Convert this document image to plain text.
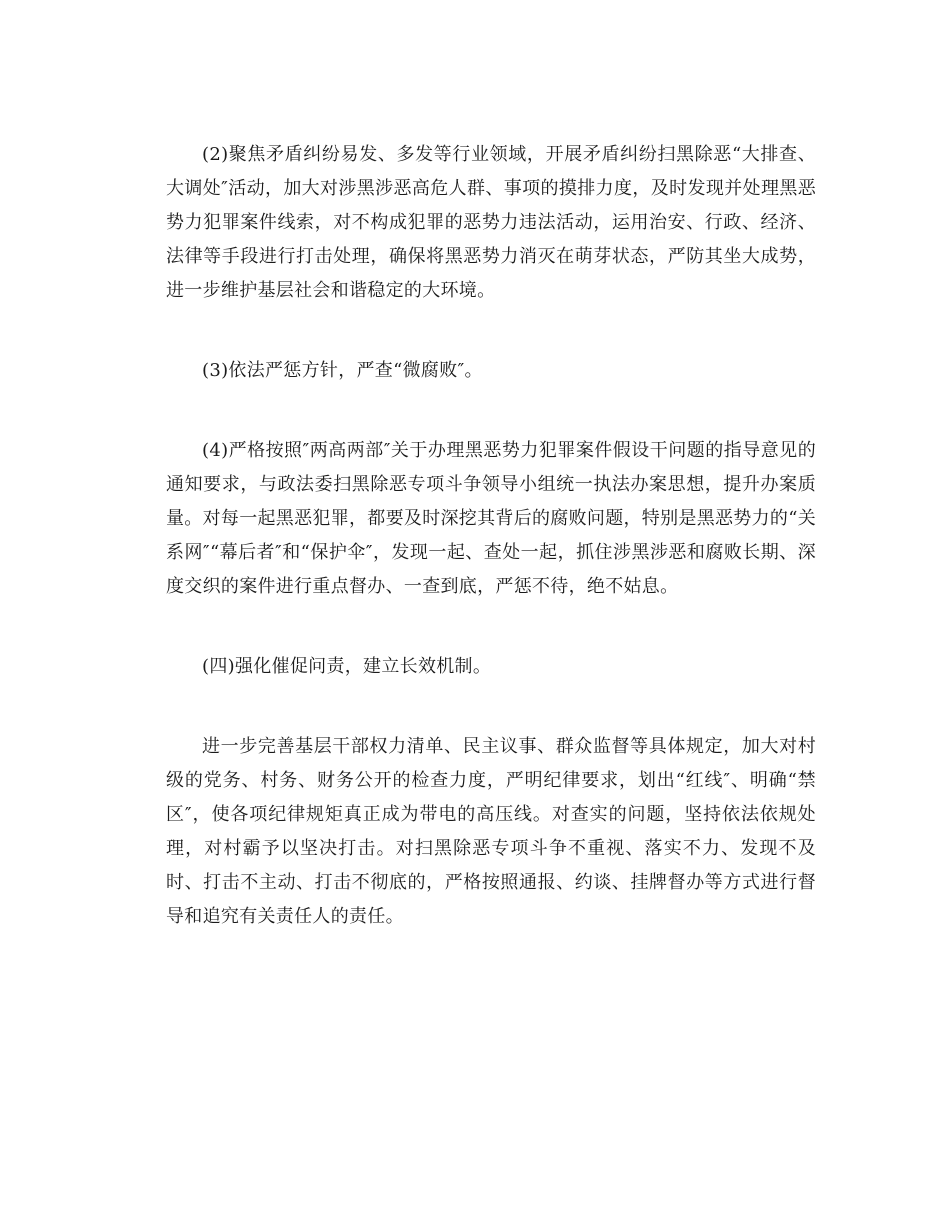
(2)聚焦矛盾纠纷易发、多发等行业领域，开展矛盾纠纷扫黑除恶“大排查、大调处″活动，加大对涉黑涉恶高危人群、事项的摸排力度，及时发现并处理黑恶势力犯罪案件线索，对不构成犯罪的恶势力违法活动，运用治安、行政、经济、法律等手段进行打击处理，确保将黑恶势力消灭在萌芽状态，严防其坐大成势，进一步维护基层社会和谐稳定的大环境。

(3)依法严惩方针，严查“微腐败″。

(4)严格按照″两高两部″关于办理黑恶势力犯罪案件假设干问题的指导意见的通知要求，与政法委扫黑除恶专项斗争领导小组统一执法办案思想，提升办案质量。对每一起黑恶犯罪，都要及时深挖其背后的腐败问题，特别是黑恶势力的“关系网″“幕后者″和“保护伞″，发现一起、查处一起，抓住涉黑涉恶和腐败长期、深度交织的案件进行重点督办、一查到底，严惩不待，绝不姑息。

(四)强化催促问责，建立长效机制。

进一步完善基层干部权力清单、民主议事、群众监督等具体规定，加大对村级的党务、村务、财务公开的检查力度，严明纪律要求，划出“红线″、明确“禁区″，使各项纪律规矩真正成为带电的高压线。对查实的问题，坚持依法依规处理，对村霸予以坚决打击。对扫黑除恶专项斗争不重视、落实不力、发现不及时、打击不主动、打击不彻底的，严格按照通报、约谈、挂牌督办等方式进行督导和追究有关责任人的责任。
